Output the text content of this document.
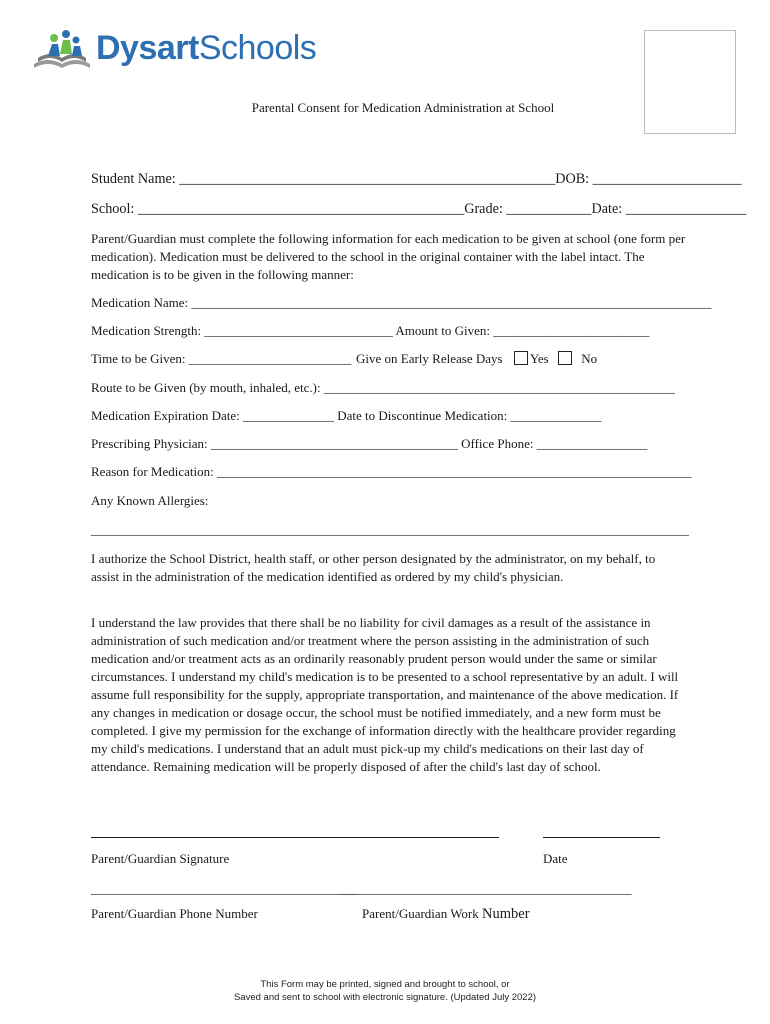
DysartSchools
Parental Consent for Medication Administration at School
Student Name: _____________________________________________________DOB: _____________________
School: ______________________________________________Grade: ____________Date: _________________
Parent/Guardian must complete the following information for each medication to be given at school (one form per medication). Medication must be delivered to the school in the original container with the label intact. The medication is to be given in the following manner:
Medication Name: ________________________________________________________________________________
Medication Strength: _____________________________ Amount to Given: ________________________
Time to be Given: _________________________ Give on Early Release Days Yes	No
Route to be Given (by mouth, inhaled, etc.): ______________________________________________________
Medication Expiration Date: ______________ Date to Discontinue Medication: ______________
Prescribing Physician: ______________________________________ Office Phone: _________________
Reason for Medication: _________________________________________________________________________
Any Known Allergies:
____________________________________________________________________________________________
I authorize the School District, health staff, or other person designated by the administrator, on my behalf, to assist in the administration of the medication identified as ordered by my child's physician.
I understand the law provides that there shall be no liability for civil damages as a result of the assistance in administration of such medication and/or treatment where the person assisting in the administration of such medication and/or treatment acts as an ordinarily reasonably prudent person would under the same or similar circumstances. I understand my child's medication is to be presented to a school representative by an adult. I will assume full responsibility for the supply, appropriate transportation, and maintenance of the above medication. If any changes in medication or dosage occur, the school must be notified immediately, and a new form must be completed. I give my permission for the exchange of information directly with the healthcare provider regarding my child's medications. I understand that an adult must pick-up my child's medications on their last day of attendance. Remaining medication will be properly disposed of after the child's last day of school.
Parent/Guardian Signature	Date
_________________________________________
_____________________________________________
Parent/Guardian Phone Number	Parent/Guardian Work Number
This Form may be printed, signed and brought to school, or
Saved and sent to school with electronic signature. (Updated July 2022)
